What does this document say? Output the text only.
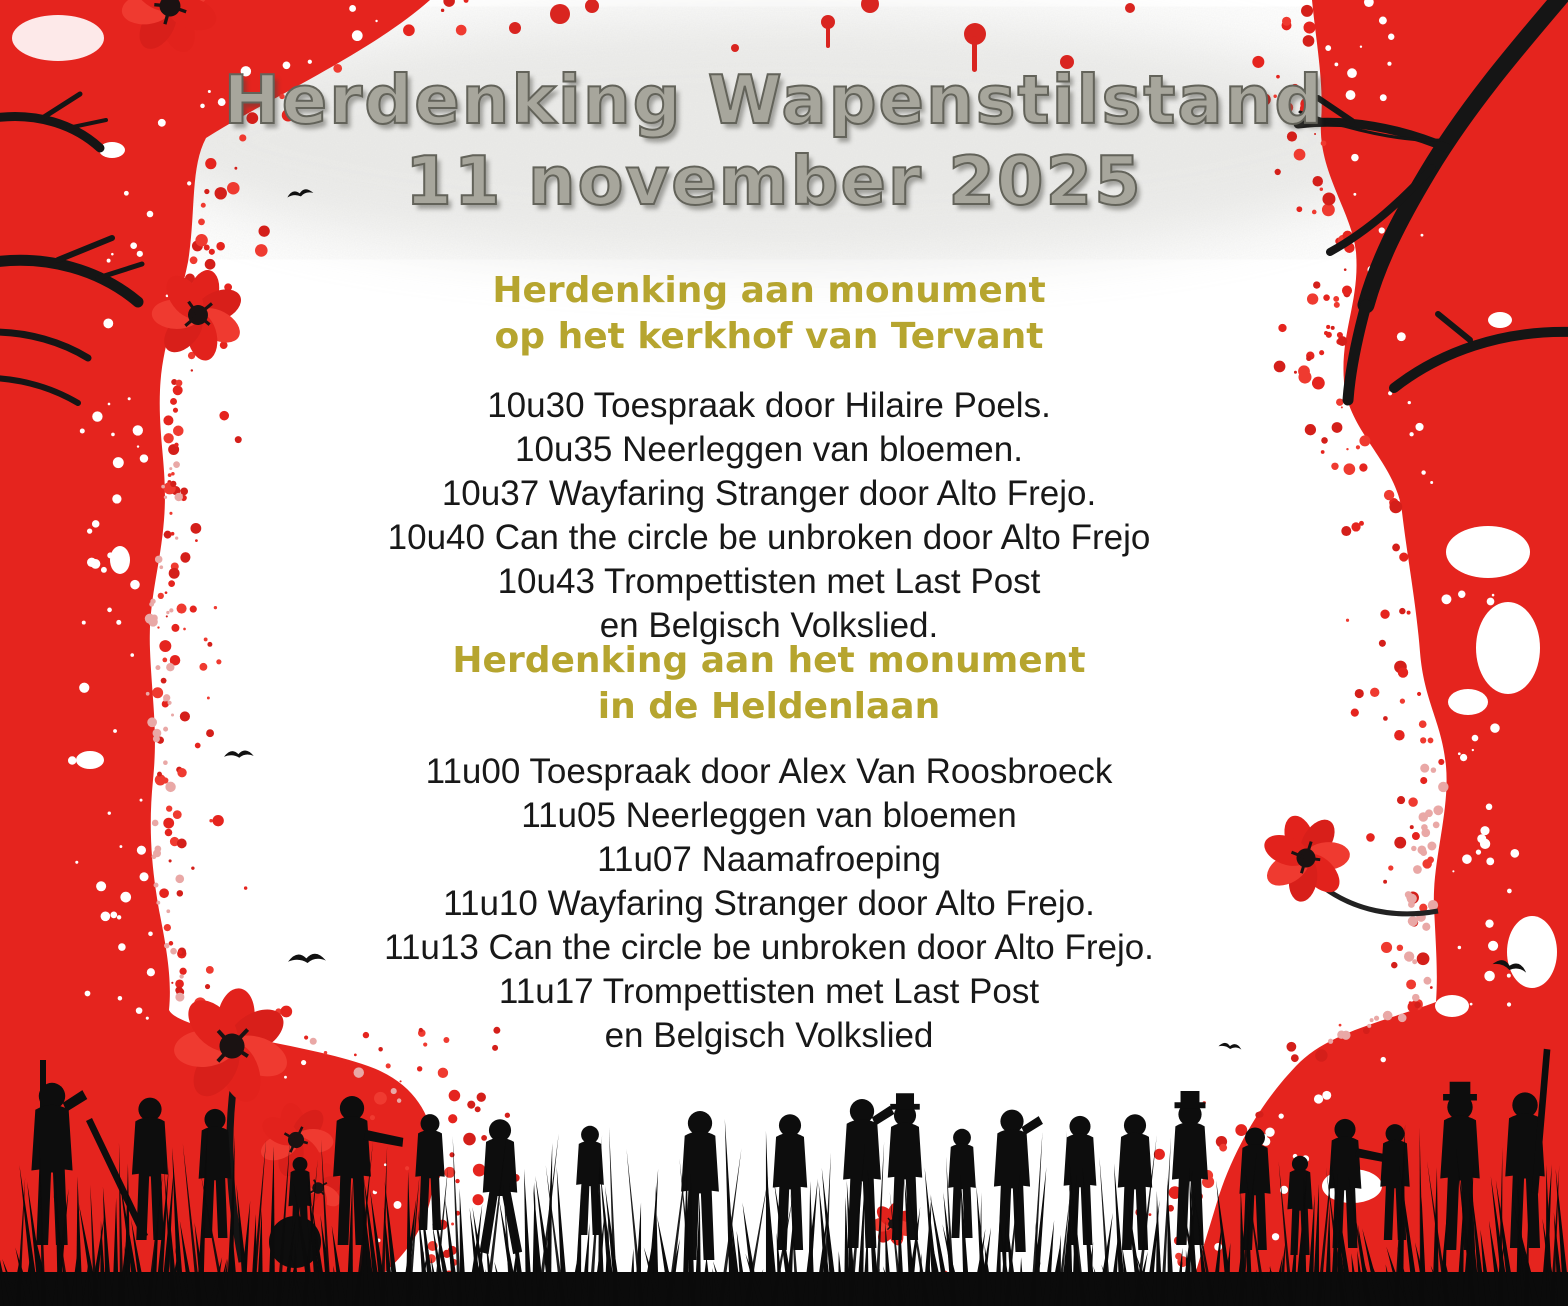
Herdenking Wapenstilstand
11 november 2025
Herdenking aan monument
op het kerkhof van Tervant
10u30 Toespraak door Hilaire Poels.
10u35 Neerleggen van bloemen.
10u37 Wayfaring Stranger door Alto Frejo.
10u40 Can the circle be unbroken door Alto Frejo
10u43 Trompettisten met Last Post
en Belgisch Volkslied.
Herdenking aan het monument
in de Heldenlaan
11u00 Toespraak door Alex Van Roosbroeck
11u05 Neerleggen van bloemen
11u07 Naamafroeping
11u10 Wayfaring Stranger door Alto Frejo.
11u13 Can the circle be unbroken door Alto Frejo.
11u17 Trompettisten met Last Post
en Belgisch Volkslied
